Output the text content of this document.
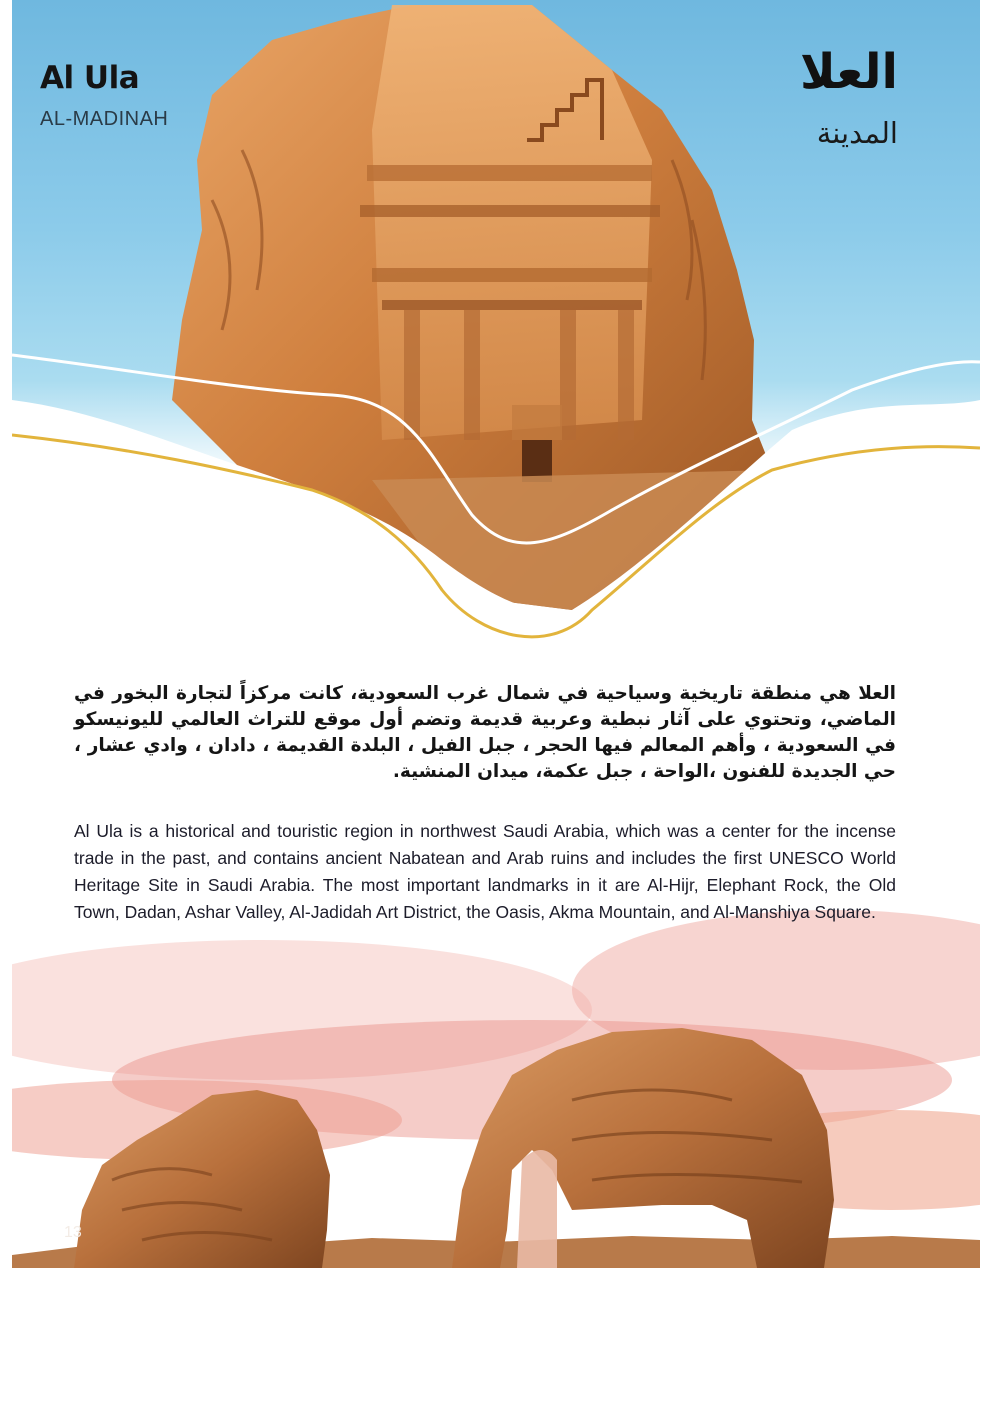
Al Ula
AL-MADINAH
العلا
المدينة
العلا هي منطقة تاريخية وسياحية في شمال غرب السعودية، كانت مركزاً لتجارة البخور في الماضي، وتحتوي على آثار نبطية وعربية قديمة وتضم أول موقع للتراث العالمي لليونيسكو في السعودية ، وأهم المعالم فيها الحجر ، جبل الفيل ، البلدة القديمة ، دادان ، وادي عشار ، حي الجديدة للفنون ،الواحة ، جبل عكمة، ميدان المنشية.
Al Ula is a historical and touristic region in northwest Saudi Arabia, which was a center for the incense trade in the past, and contains ancient Nabatean and Arab ruins and includes the first UNESCO World Heritage Site in Saudi Arabia. The most important landmarks in it are Al-Hijr, Elephant Rock, the Old Town, Dadan, Ashar Valley, Al-Jadidah Art District, the Oasis, Akma Mountain, and Al-Manshiya Square.
13
